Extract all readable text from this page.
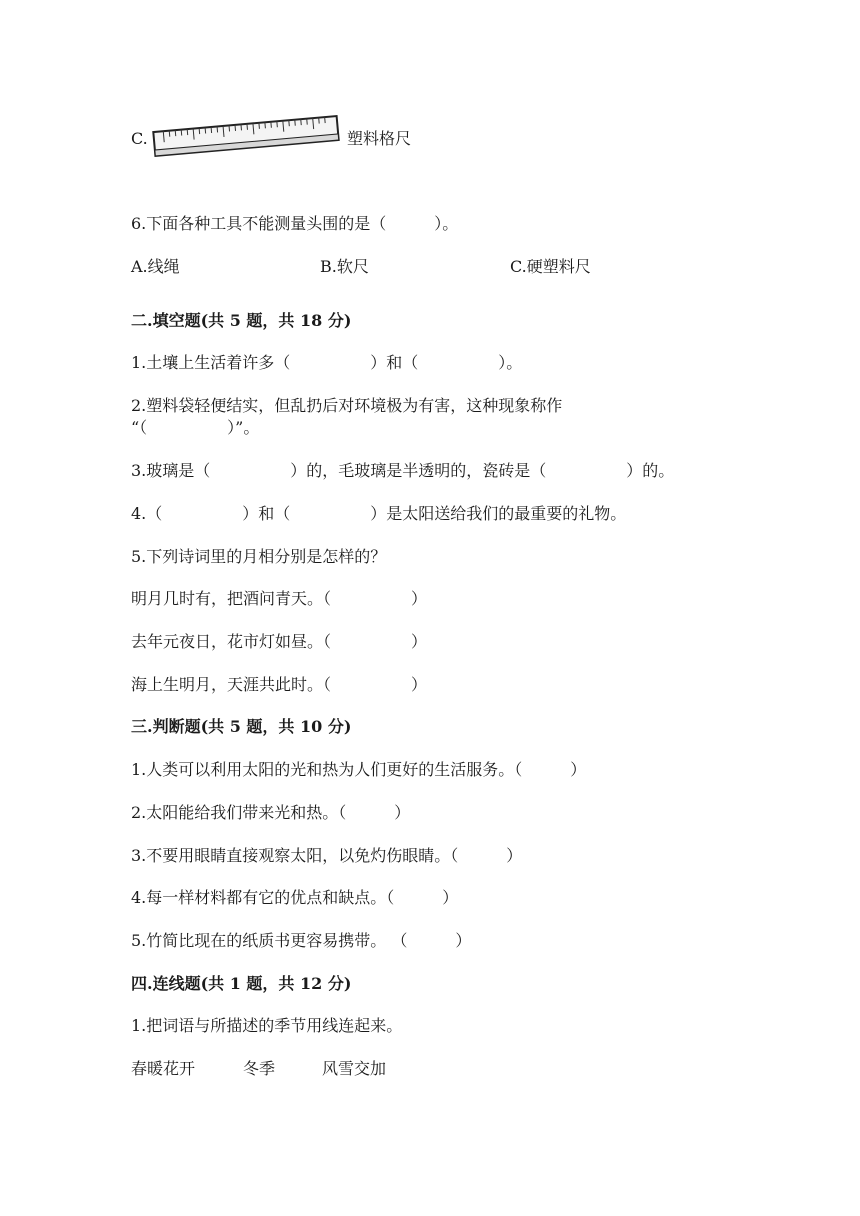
C.	塑料格尺
6.下面各种工具不能测量头围的是（　　　）。
A.线绳	B.软尺	C.硬塑料尺
二.填空题(共 5 题，共 18 分)
1.土壤上生活着许多（　　　　　）和（　　　　　）。
2.塑料袋轻便结实，但乱扔后对环境极为有害，这种现象称作
“（　　　　　）”。
3.玻璃是（　　　　　）的，毛玻璃是半透明的，瓷砖是（　　　　　）的。
4.（　　　　　）和（　　　　　）是太阳送给我们的最重要的礼物。
5.下列诗词里的月相分别是怎样的？
明月几时有，把酒问青天。（　　　　　）
去年元夜日，花市灯如昼。（　　　　　）
海上生明月，天涯共此时。（　　　　　）
三.判断题(共 5 题，共 10 分)
1.人类可以利用太阳的光和热为人们更好的生活服务。（　　　）
2.太阳能给我们带来光和热。（　　　）
3.不要用眼睛直接观察太阳，以免灼伤眼睛。（　　　）
4.每一样材料都有它的优点和缺点。（　　　）
5.竹简比现在的纸质书更容易携带。 （　　　）
四.连线题(共 1 题，共 12 分)
1.把词语与所描述的季节用线连起来。
春暖花开	冬季	风雪交加
